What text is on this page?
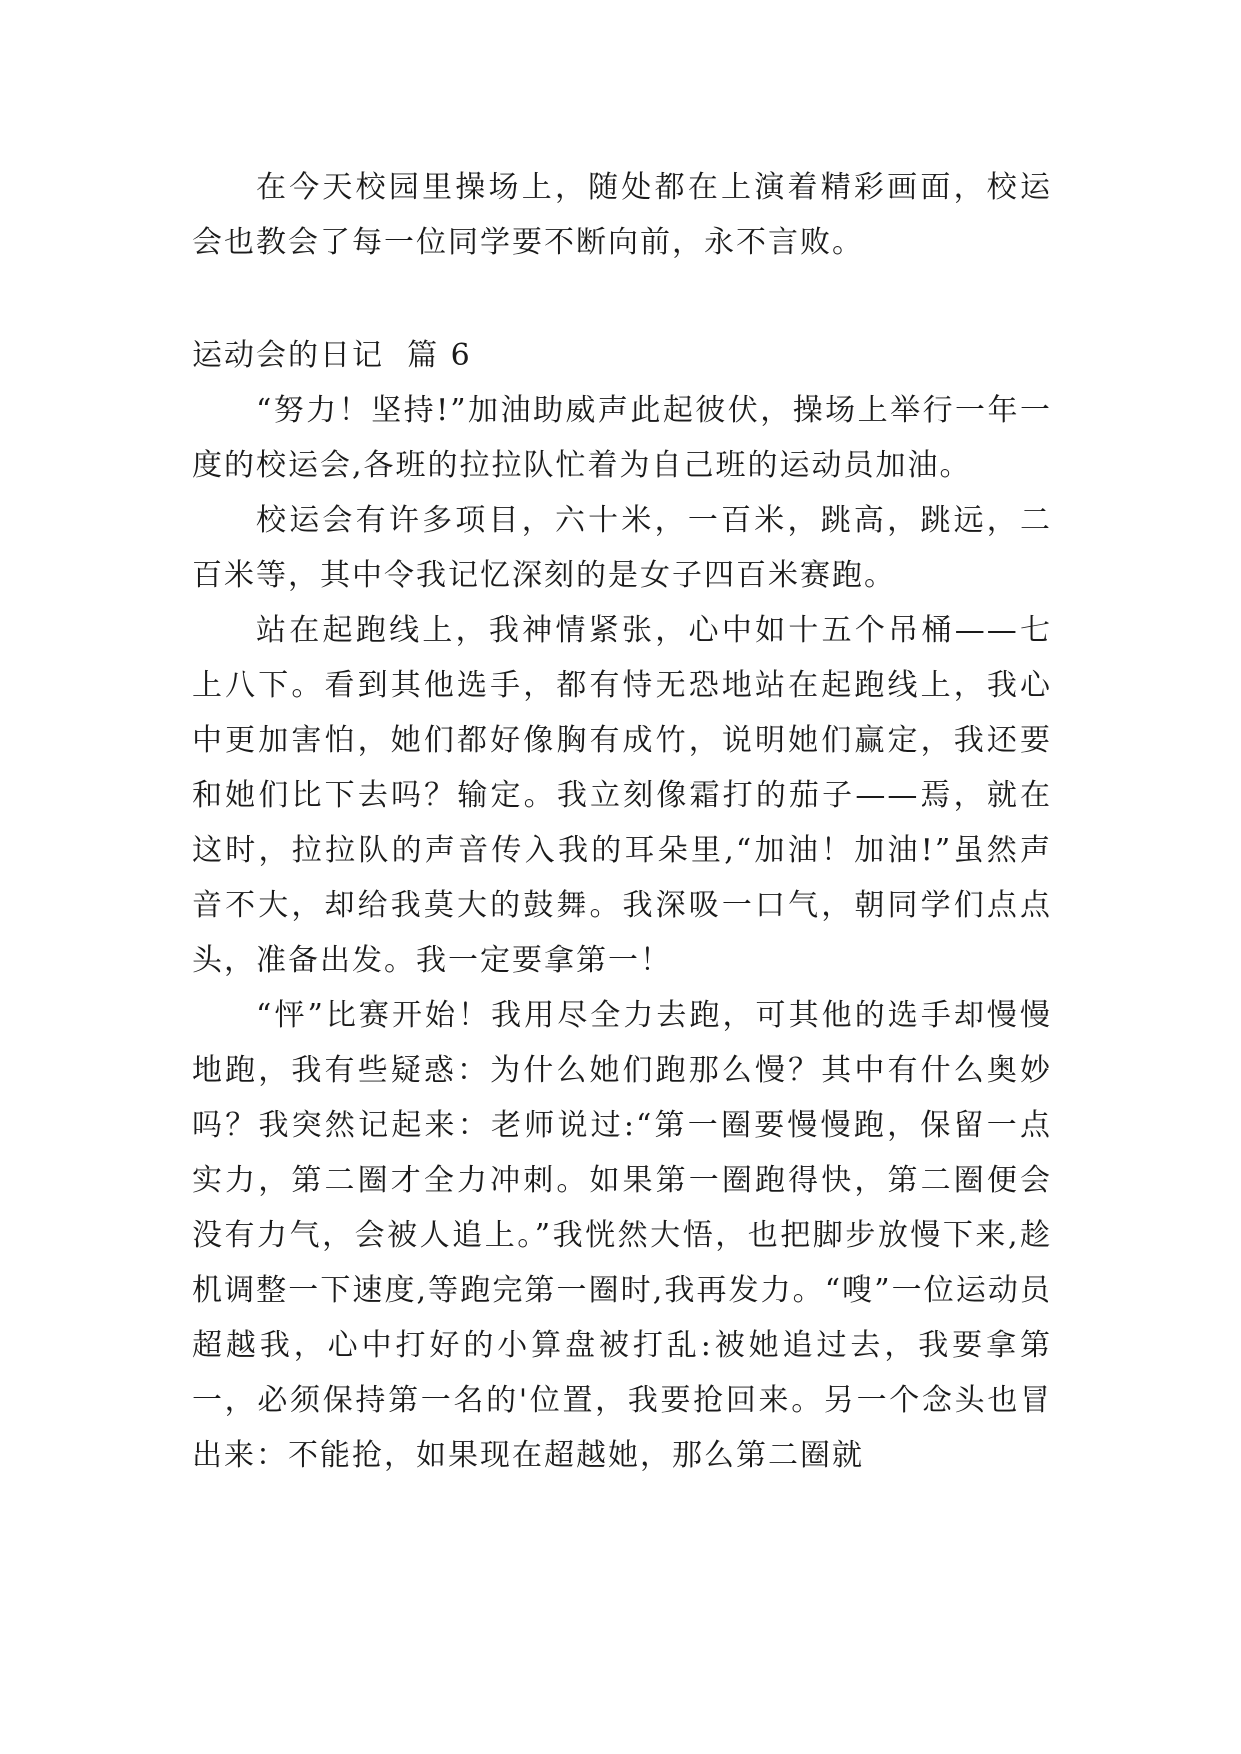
在今天校园里操场上，随处都在上演着精彩画面，校运会也教会了每一位同学要不断向前，永不言败。

运动会的日记  篇 6

“努力！坚持!”加油助威声此起彼伏，操场上举行一年一度的校运会,各班的拉拉队忙着为自己班的运动员加油。

校运会有许多项目，六十米，一百米，跳高，跳远，二百米等，其中令我记忆深刻的是女子四百米赛跑。

站在起跑线上，我神情紧张，心中如十五个吊桶——七上八下。看到其他选手，都有恃无恐地站在起跑线上，我心中更加害怕，她们都好像胸有成竹，说明她们赢定，我还要和她们比下去吗？输定。我立刻像霜打的茄子——焉，就在这时，拉拉队的声音传入我的耳朵里,“加油！加油!”虽然声音不大，却给我莫大的鼓舞。我深吸一口气，朝同学们点点头，准备出发。我一定要拿第一！

“怦”比赛开始！我用尽全力去跑，可其他的选手却慢慢地跑，我有些疑惑：为什么她们跑那么慢？其中有什么奥妙吗？我突然记起来：老师说过:“第一圈要慢慢跑，保留一点实力，第二圈才全力冲刺。如果第一圈跑得快，第二圈便会没有力气，会被人追上。”我恍然大悟，也把脚步放慢下来,趁机调整一下速度,等跑完第一圈时,我再发力。“嗖”一位运动员超越我，心中打好的小算盘被打乱:被她追过去，我要拿第一，必须保持第一名的'位置，我要抢回来。另一个念头也冒出来：不能抢，如果现在超越她，那么第二圈就
